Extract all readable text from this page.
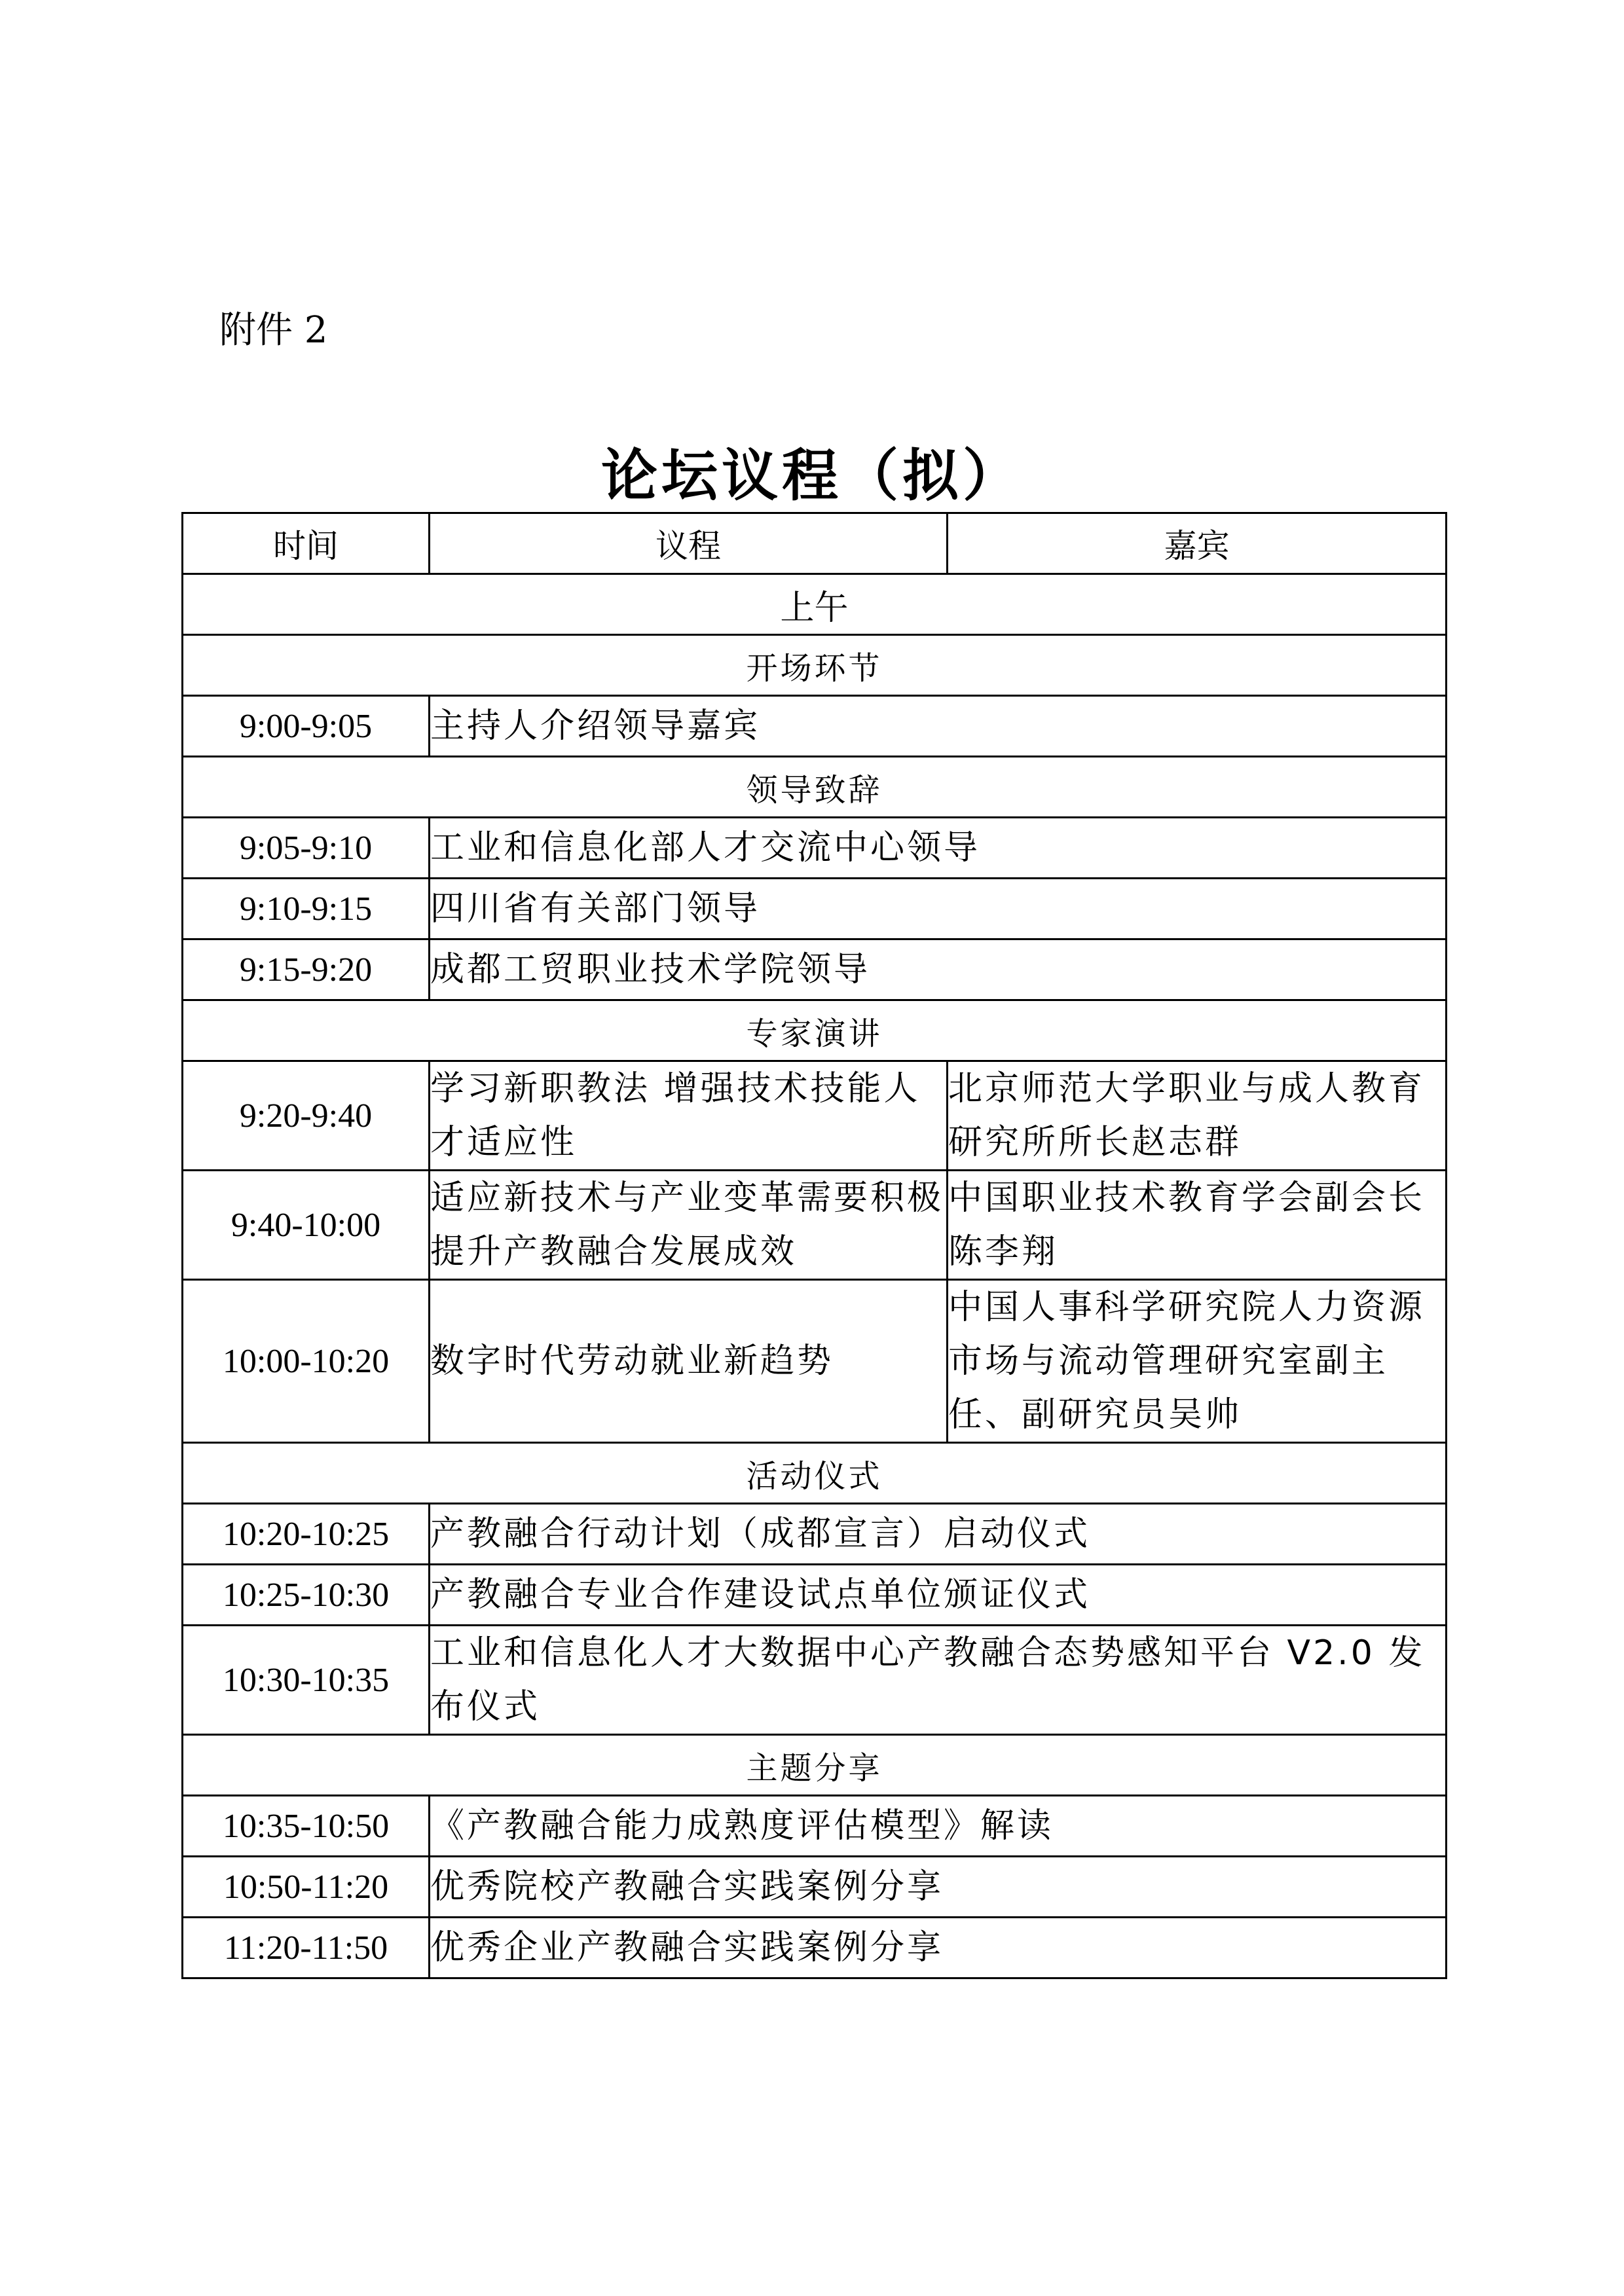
附件 2
论坛议程（拟）
时间	议程	嘉宾
上午		
开场环节		
9:00-9:05	主持人介绍领导嘉宾	
领导致辞		
9:05-9:10	工业和信息化部人才交流中心领导	
9:10-9:15	四川省有关部门领导	
9:15-9:20	成都工贸职业技术学院领导	
专家演讲		
9:20-9:40	学习新职教法 增强技术技能人才适应性	北京师范大学职业与成人教育研究所所长赵志群
9:40-10:00	适应新技术与产业变革需要积极提升产教融合发展成效	中国职业技术教育学会副会长陈李翔
10:00-10:20	数字时代劳动就业新趋势	中国人事科学研究院人力资源市场与流动管理研究室副主任、副研究员吴帅
活动仪式		
10:20-10:25	产教融合行动计划（成都宣言）启动仪式	
10:25-10:30	产教融合专业合作建设试点单位颁证仪式	
10:30-10:35	工业和信息化人才大数据中心产教融合态势感知平台 V2.0 发布仪式	
主题分享		
10:35-10:50	《产教融合能力成熟度评估模型》解读	
10:50-11:20	优秀院校产教融合实践案例分享	
11:20-11:50	优秀企业产教融合实践案例分享	
